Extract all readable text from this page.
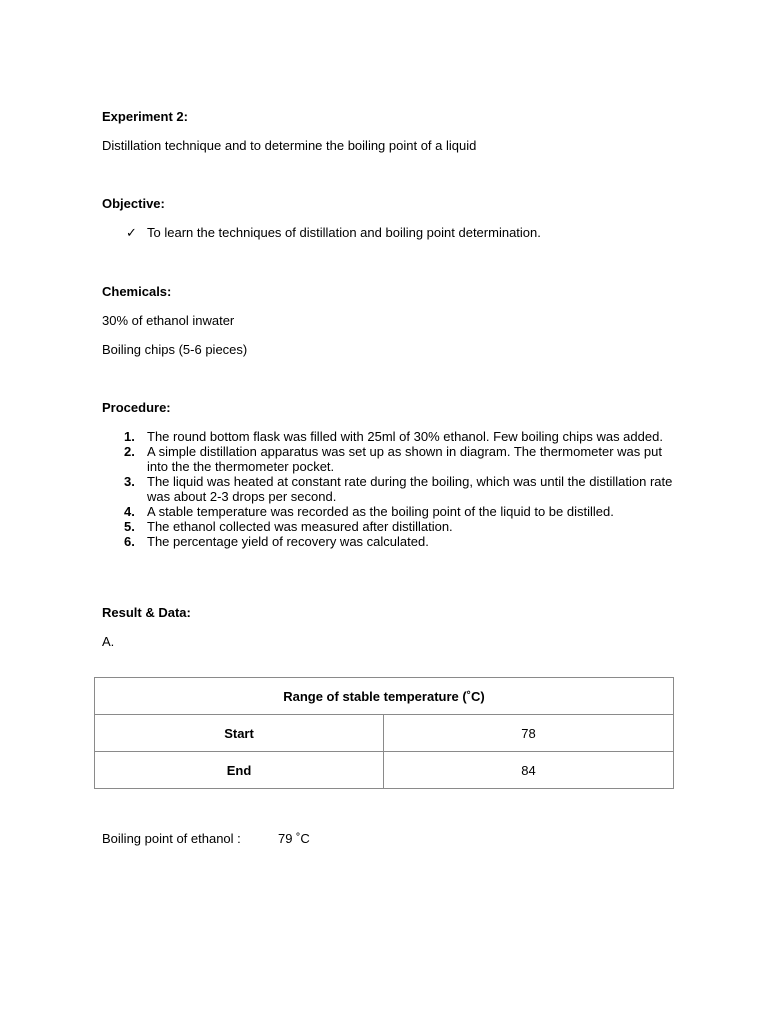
Experiment 2:
Distillation technique and to determine the boiling point of a liquid
Objective:
✓ To learn the techniques of distillation and boiling point determination.
Chemicals:
30% of ethanol inwater
Boiling chips (5-6 pieces)
Procedure:
1. The round bottom flask was filled with 25ml of 30% ethanol. Few boiling chips was added.
2. A simple distillation apparatus was set up as shown in diagram. The thermometer was put into the the thermometer pocket.
3. The liquid was heated at constant rate during the boiling, which was until the distillation rate was about 2-3 drops per second.
4. A stable temperature was recorded as the boiling point of the liquid to be distilled.
5. The ethanol collected was measured after distillation.
6. The percentage yield of recovery was calculated.
Result & Data:
A.
Range of stable temperature (˚C)	
Start	78
End	84
Boiling point of ethanol :	79 ˚C
